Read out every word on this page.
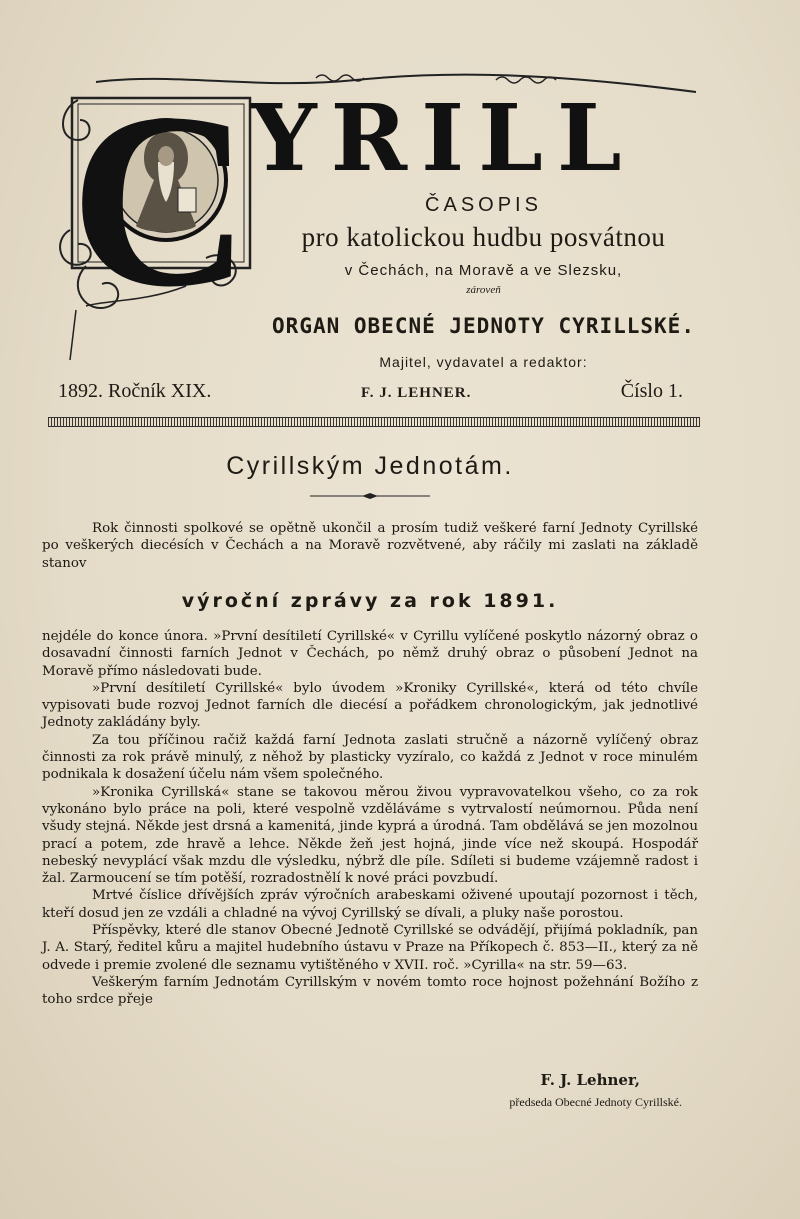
C YRILL
ČASOPIS
pro katolickou hudbu posvátnou
v Čechách, na Moravě a ve Slezsku,
zároveň
ORGAN OBECNÉ JEDNOTY CYRILLSKÉ.
Majitel, vydavatel a redaktor:
1892. Ročník XIX.	F. J. LEHNER.	Číslo 1.
Cyrillským Jednotám.

Rok činnosti spolkové se opětně ukončil a prosím tudiž veškeré farní Jednoty Cyrillské po veškerých diecésích v Čechách a na Moravě rozvětvené, aby ráčily mi zaslati na základě stanov

výroční zprávy za rok 1891.

nejdéle do konce února. »První desítiletí Cyrillské« v Cyrillu vylíčené poskytlo názorný obraz o dosavadní činnosti farních Jednot v Čechách, po němž druhý obraz o působení Jednot na Moravě přímo následovati bude.

»První desítiletí Cyrillské« bylo úvodem »Kroniky Cyrillské«, která od této chvíle vypisovati bude rozvoj Jednot farních dle diecésí a pořádkem chronologickým, jak jednotlivé Jednoty zakládány byly.

Za tou příčinou račiž každá farní Jednota zaslati stručně a názorně vylíčený obraz činnosti za rok právě minulý, z něhož by plasticky vyzíralo, co každá z Jednot v roce minulém podnikala k dosažení účelu nám všem společného.

»Kronika Cyrillská« stane se takovou měrou živou vypravovatelkou všeho, co za rok vykonáno bylo práce na poli, které vespolně vzděláváme s vytrvalostí neúmornou. Půda není všudy stejná. Někde jest drsná a kamenitá, jinde kyprá a úrodná. Tam obdělává se jen mozolnou prací a potem, zde hravě a lehce. Někde žeň jest hojná, jinde více než skoupá. Hospodář nebeský nevyplácí však mzdu dle výsledku, nýbrž dle píle. Sdíleti si budeme vzájemně radost i žal. Zarmoucení se tím potěší, rozradostnělí k nové práci povzbudí.

Mrtvé číslice dřívějších zpráv výročních arabeskami oživené upoutají pozornost i těch, kteří dosud jen ze vzdáli a chladné na vývoj Cyrillský se dívali, a pluky naše porostou.

Příspěvky, které dle stanov Obecné Jednotě Cyrillské se odvádějí, přijímá pokladník, pan J. A. Starý, ředitel kůru a majitel hudebního ústavu v Praze na Příkopech č. 853—II., který za ně odvede i premie zvolené dle seznamu vytištěného v XVII. roč. »Cyrilla« na str. 59—63.

Veškerým farním Jednotám Cyrillským v novém tomto roce hojnost požehnání Božího z toho srdce přeje

F. J. Lehner,
předseda Obecné Jednoty Cyrillské.
